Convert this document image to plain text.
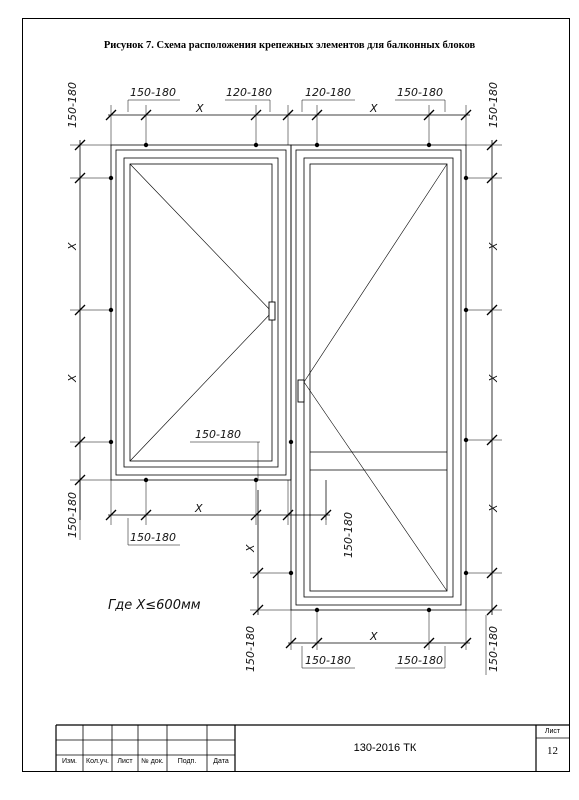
Рисунок 7. Схема расположения крепежных элементов для балконных блоков
150-180
X
120-180	120-180
X
150-180
150-180
X
X
150-180
150-180
X
X
X
150-180
150-180
X
150-180	150-180
X
150-180	X
150-180	150-180
Где X≤600мм
Изм.	Кол.уч.	Лист	№ док.	Подп.	Дата
130-2016 ТК
Лист
12
